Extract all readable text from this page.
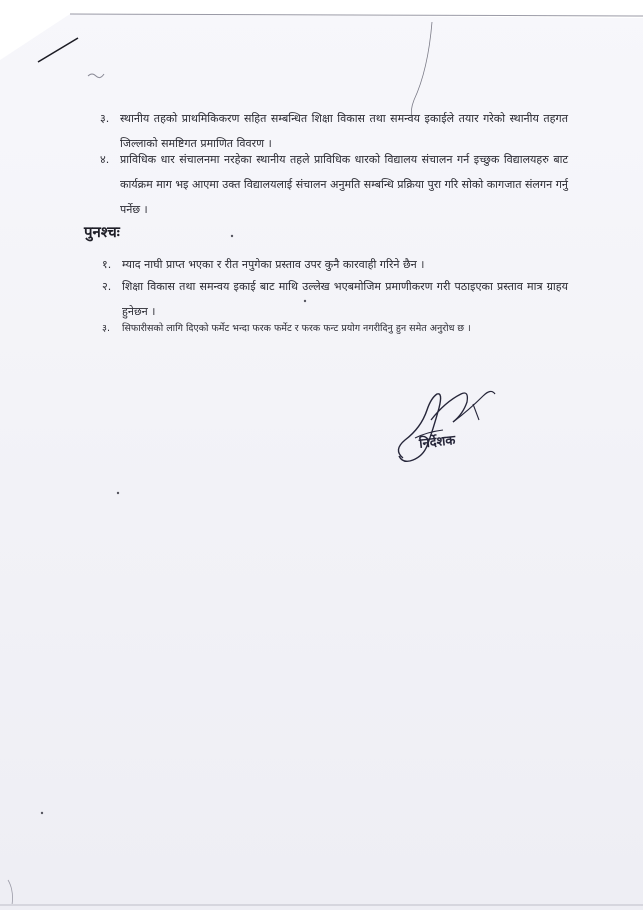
३. स्थानीय तहको प्राथमिकिकरण सहित सम्बन्धित शिक्षा विकास तथा समन्वय इकाईले तयार गरेको स्थानीय तहगत जिल्लाको समष्टिगत प्रमाणित विवरण ।
४. प्राविधिक धार संचालनमा नरहेका स्थानीय तहले प्राविधिक धारको विद्यालय संचालन गर्न इच्छुक विद्यालयहरु बाट कार्यक्रम माग भइ आएमा उक्त विद्यालयलाई संचालन अनुमति सम्बन्धि प्रक्रिया पुरा गरि सोको कागजात संलगन गर्नु पर्नेछ ।
पुनश्चः
१. म्याद नाघी प्राप्त भएका र रीत नपुगेका प्रस्ताव उपर कुनै कारवाही गरिने छैन ।
२. शिक्षा विकास तथा समन्वय इकाई बाट माथि उल्लेख भएबमोजिम प्रमाणीकरण गरी पठाइएका प्रस्ताव मात्र ग्राहय हुनेछन ।
३. सिफारीसको लागि दिएको फर्मेट भन्दा फरक फर्मेट र फरक फन्ट प्रयोग नगरीदिनु हुन समेत अनुरोध छ ।
निर्देशक
